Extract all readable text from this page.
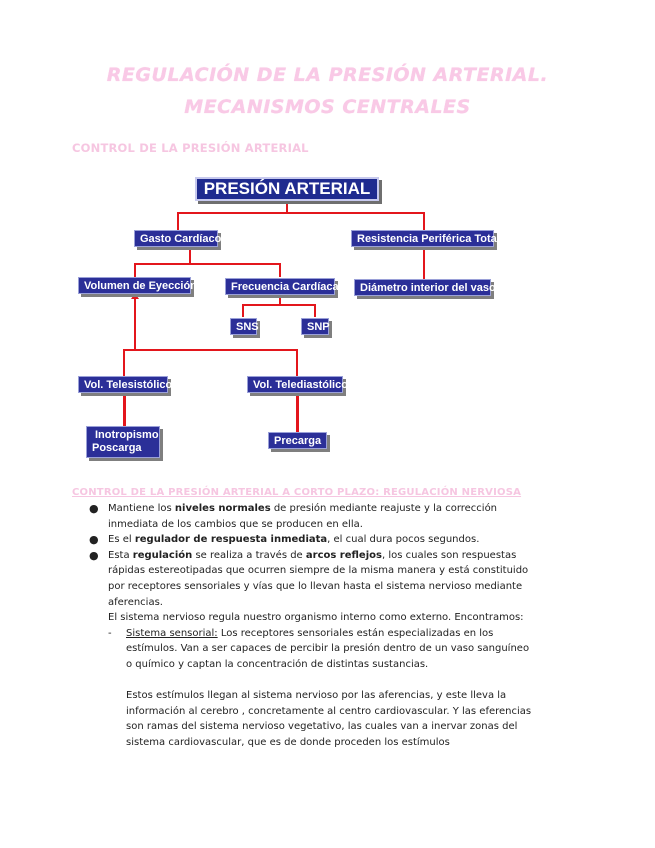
REGULACIÓN DE LA PRESIÓN ARTERIAL.
MECANISMOS CENTRALES
CONTROL DE LA PRESIÓN ARTERIAL
PRESIÓN ARTERIAL
Gasto Cardíaco	Resistencia Periférica Total
Volumen de Eyección	Frecuencia Cardíaca	Diámetro interior del vaso
SNS	SNP
Vol. Telesistólico	Vol. Telediastólico
Inotropismo
Poscarga
Precarga
CONTROL DE LA PRESIÓN ARTERIAL A CORTO PLAZO: REGULACIÓN NERVIOSA
● Mantiene los niveles normales de presión mediante reajuste y la corrección inmediata de los cambios que se producen en ella.
● Es el regulador de respuesta inmediata, el cual dura pocos segundos.
● Esta regulación se realiza a través de arcos reflejos, los cuales son respuestas rápidas estereotipadas que ocurren siempre de la misma manera y está constituido por receptores sensoriales y vías que lo llevan hasta el sistema nervioso mediante aferencias.
El sistema nervioso regula nuestro organismo interno como externo. Encontramos:
- Sistema sensorial: Los receptores sensoriales están especializadas en los estímulos. Van a ser capaces de percibir la presión dentro de un vaso sanguíneo o químico y captan la concentración de distintas sustancias.
Estos estímulos llegan al sistema nervioso por las aferencias, y este lleva la información al cerebro , concretamente al centro cardiovascular. Y las eferencias son ramas del sistema nervioso vegetativo, las cuales van a inervar zonas del sistema cardiovascular, que es de donde proceden los estímulos
